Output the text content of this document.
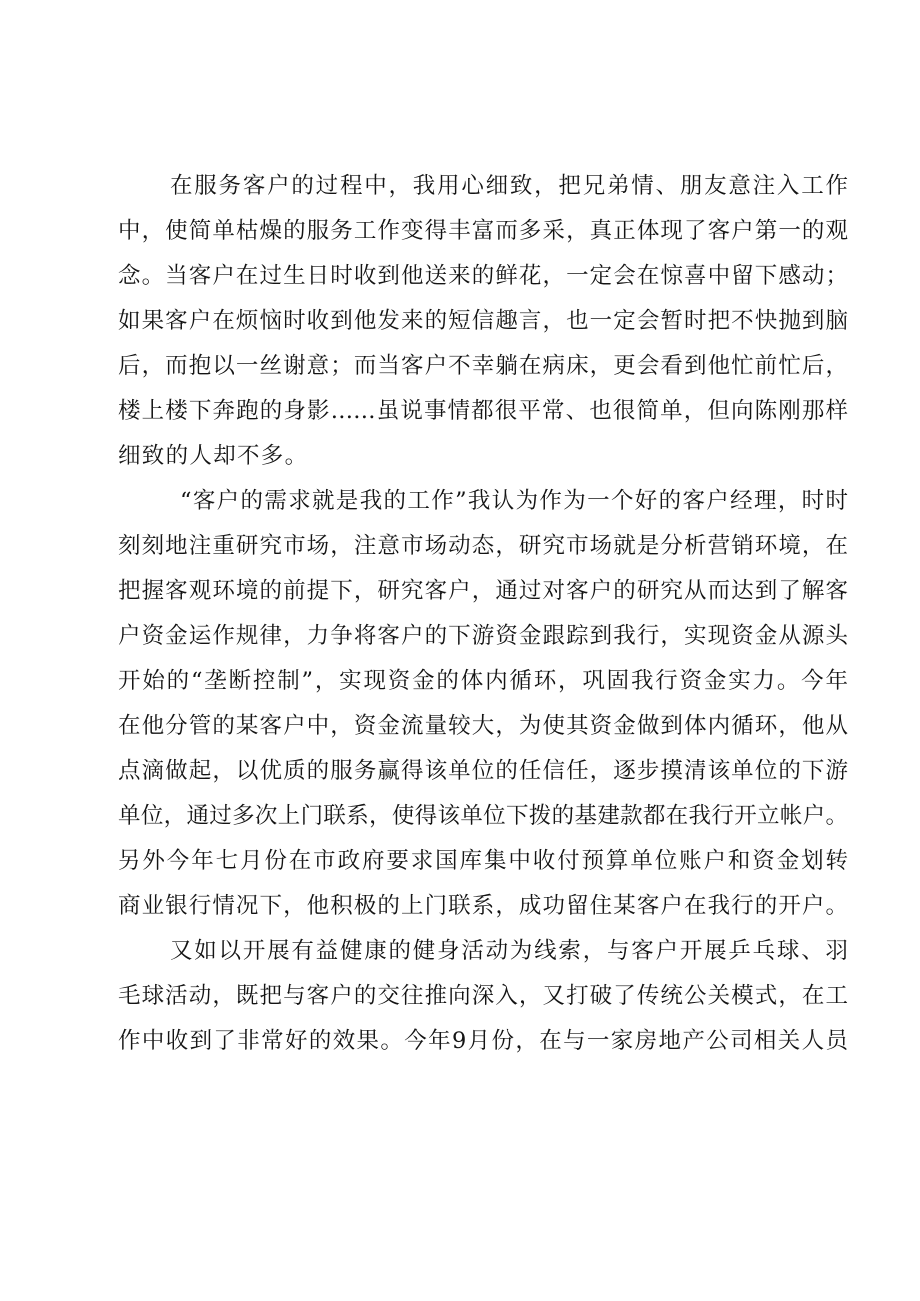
在服务客户的过程中，我用心细致，把兄弟情、朋友意注入工作

中，使简单枯燥的服务工作变得丰富而多采，真正体现了客户第一的观

念。当客户在过生日时收到他送来的鲜花，一定会在惊喜中留下感动；

如果客户在烦恼时收到他发来的短信趣言，也一定会暂时把不快抛到脑

后，而抱以一丝谢意；而当客户不幸躺在病床，更会看到他忙前忙后，

楼上楼下奔跑的身影……虽说事情都很平常、也很简单，但向陈刚那样

细致的人却不多。

“客户的需求就是我的工作”我认为作为一个好的客户经理，时时

刻刻地注重研究市场，注意市场动态，研究市场就是分析营销环境，在

把握客观环境的前提下，研究客户，通过对客户的研究从而达到了解客

户资金运作规律，力争将客户的下游资金跟踪到我行，实现资金从源头

开始的“垄断控制”，实现资金的体内循环，巩固我行资金实力。今年

在他分管的某客户中，资金流量较大，为使其资金做到体内循环，他从

点滴做起，以优质的服务赢得该单位的任信任，逐步摸清该单位的下游

单位，通过多次上门联系，使得该单位下拨的基建款都在我行开立帐户。

另外今年七月份在市政府要求国库集中收付预算单位账户和资金划转

商业银行情况下，他积极的上门联系，成功留住某客户在我行的开户。

又如以开展有益健康的健身活动为线索，与客户开展乒乓球、羽

毛球活动，既把与客户的交往推向深入，又打破了传统公关模式，在工

作中收到了非常好的效果。今年9月份，在与一家房地产公司相关人员
